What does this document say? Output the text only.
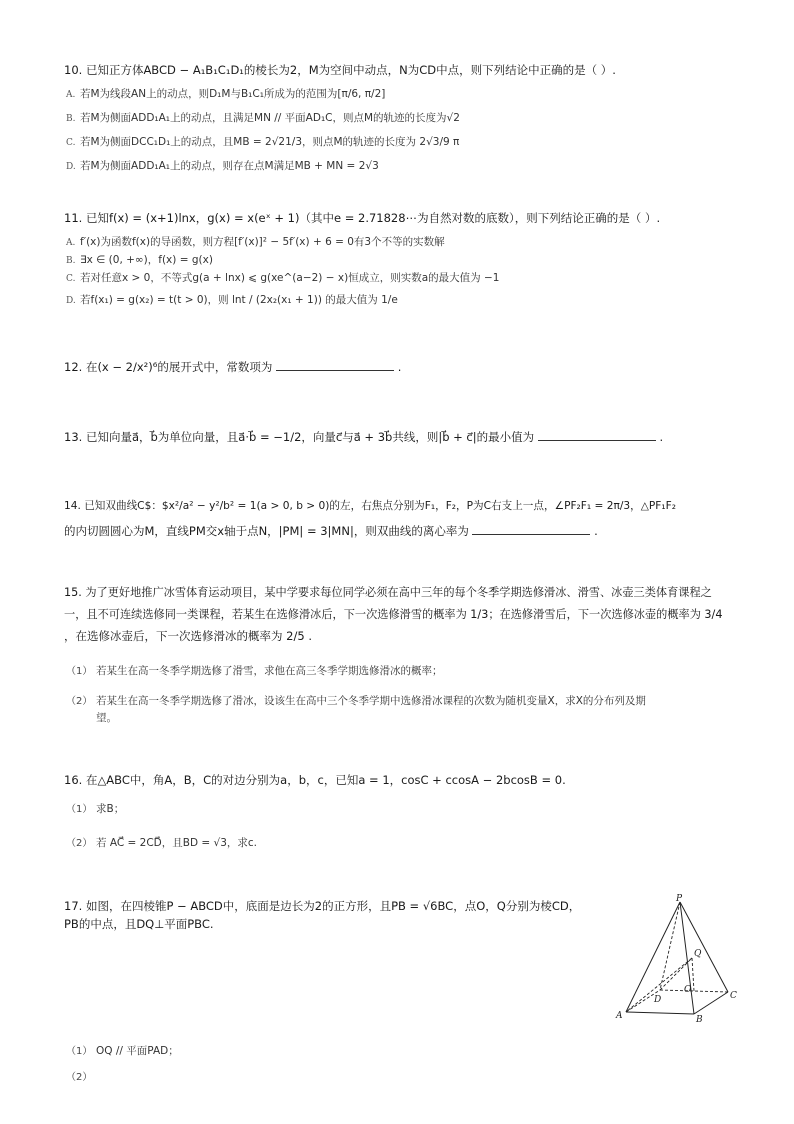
10. 已知正方体ABCD − A₁B₁C₁D₁的棱长为2，M为空间中动点，N为CD中点，则下列结论中正确的是（ ）.
A. 若M为线段AN上的动点，则D₁M与B₁C₁所成为的范围为[π/6, π/2]
B. 若M为侧面ADD₁A₁上的动点，且满足MN // 平面AD₁C，则点M的轨迹的长度为√2
C. 若M为侧面DCC₁D₁上的动点，且MB = 2√21/3，则点M的轨迹的长度为 2√3/9 π
D. 若M为侧面ADD₁A₁上的动点，则存在点M满足MB + MN = 2√3
11. 已知f(x) = (x+1)lnx，g(x) = x(eˣ + 1)（其中e = 2.71828⋯为自然对数的底数），则下列结论正确的是（ ）.
A. f′(x)为函数f(x)的导函数，则方程[f′(x)]² − 5f′(x) + 6 = 0有3个不等的实数解
B. ∃x ∈ (0, +∞)，f(x) = g(x)
C. 若对任意x > 0，不等式g(a + lnx) ⩽ g(xe^(a−2) − x)恒成立，则实数a的最大值为 −1
D. 若f(x₁) = g(x₂) = t(t > 0)，则 lnt / (2x₂(x₁ + 1)) 的最大值为 1/e
12. 在(x − 2/x²)⁶的展开式中，常数项为	.
13. 已知向量a⃗，b⃗为单位向量，且a⃗·b⃗ = −1/2，向量c⃗与a⃗ + 3b⃗共线，则|b⃗ + c⃗|的最小值为	.
14. 已知双曲线C$：$x²/a² − y²/b² = 1(a > 0, b > 0)的左，右焦点分别为F₁，F₂，P为C右支上一点，∠PF₂F₁ = 2π/3，△PF₁F₂
的内切圆圆心为M，直线PM交x轴于点N，|PM| = 3|MN|，则双曲线的离心率为	.
15. 为了更好地推广冰雪体育运动项目，某中学要求每位同学必须在高中三年的每个冬季学期选修滑冰、滑雪、冰壶三类体育课程之
一，且不可连续选修同一类课程，若某生在选修滑冰后，下一次选修滑雪的概率为 1/3；在选修滑雪后，下一次选修冰壶的概率为 3/4
，在选修冰壶后，下一次选修滑冰的概率为 2/5 .
（1） 若某生在高一冬季学期选修了滑雪，求他在高三冬季学期选修滑冰的概率；
（2） 若某生在高一冬季学期选修了滑冰，设该生在高中三个冬季学期中选修滑冰课程的次数为随机变量X，求X的分布列及期
望。
16. 在△ABC中，角A，B，C的对边分别为a，b，c，已知a = 1，cosC + ccosA − 2bcosB = 0.
（1） 求B；
（2） 若 AC⃗ = 2CD⃗，且BD = √3，求c.
17. 如图，在四棱锥P − ABCD中，底面是边长为2的正方形，且PB = √6BC，点O，Q分别为棱CD，
PB的中点，且DQ⊥平面PBC.
P
Q
O
D	C
A	B
（1） OQ // 平面PAD；
（2）
